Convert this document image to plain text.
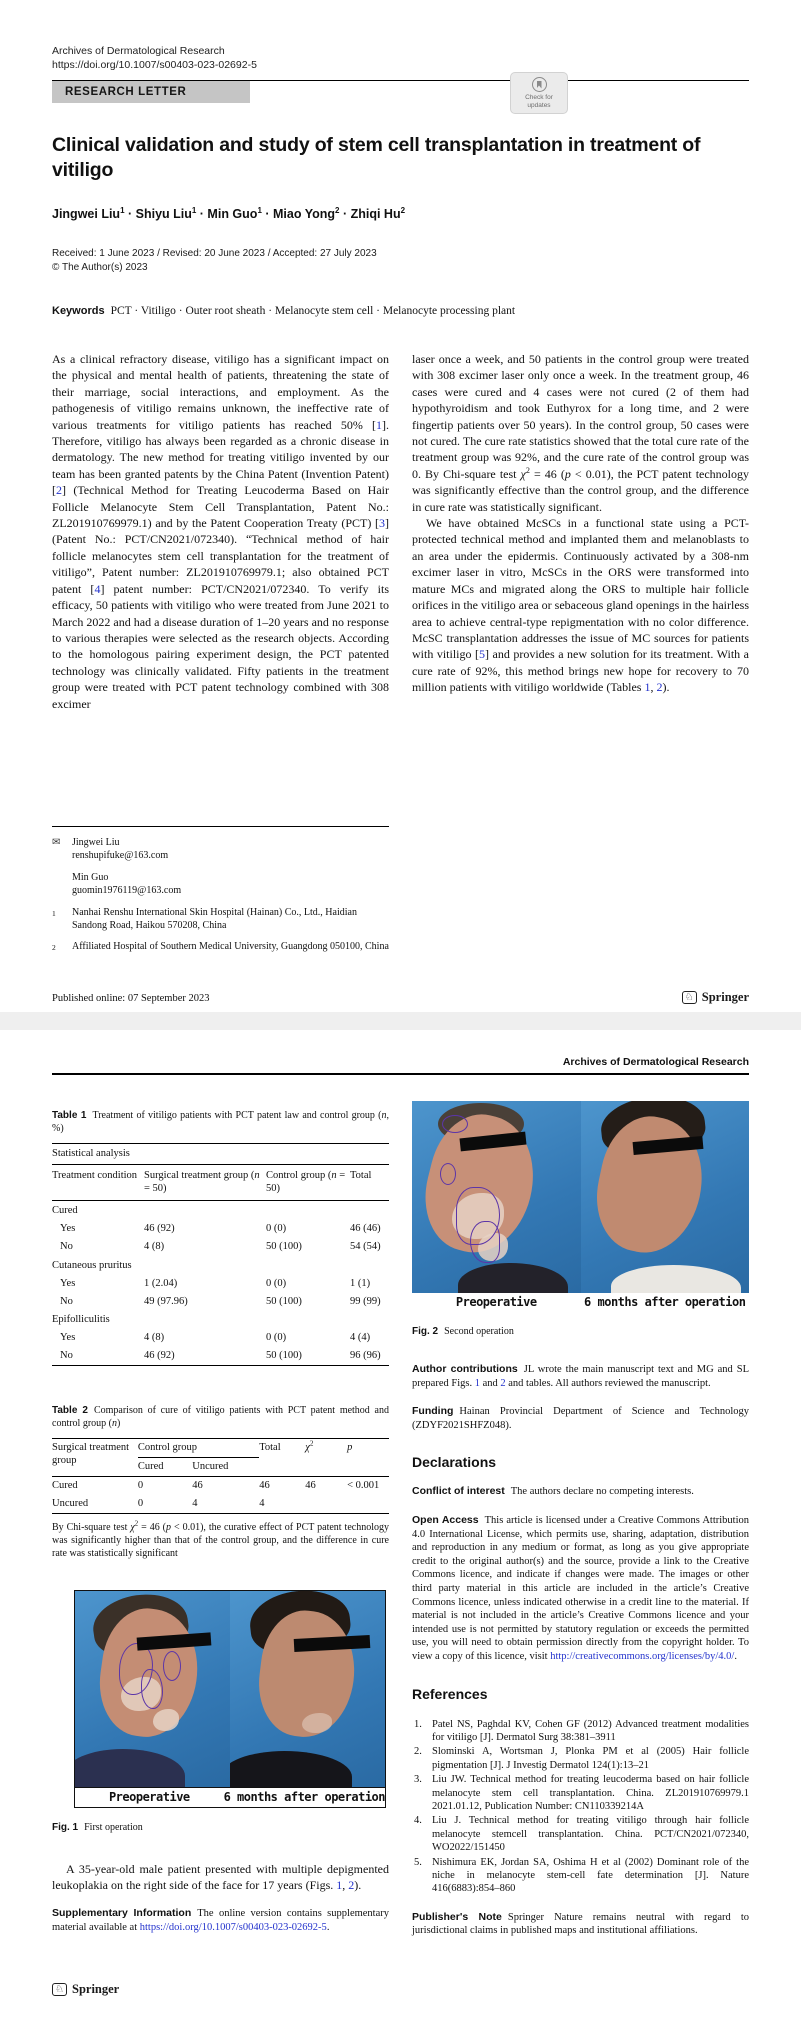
Archives of Dermatological Research
https://doi.org/10.1007/s00403-023-02692-5
RESEARCH LETTER	Check for
updates
Clinical validation and study of stem cell transplantation in treatment of vitiligo
Jingwei Liu$^1$ · Shiyu Liu$^1$ · Min Guo$^1$ · Miao Yong$^2$ · Zhiqi Hu$^2$
Received: 1 June 2023 / Revised: 20 June 2023 / Accepted: 27 July 2023
© The Author(s) 2023
Keywords PCT · Vitiligo · Outer root sheath · Melanocyte stem cell · Melanocyte processing plant

As a clinical refractory disease, vitiligo has a significant impact on the physical and mental health of patients, threatening the state of their marriage, social interactions, and employment. As the pathogenesis of vitiligo remains unknown, the ineffective rate of various treatments for vitiligo patients has reached 50% [1]. Therefore, vitiligo has always been regarded as a chronic disease in dermatology. The new method for treating vitiligo invented by our team has been granted patents by the China Patent (Invention Patent) [2] (Technical Method for Treating Leucoderma Based on Hair Follicle Melanocyte Stem Cell Transplantation, Patent No.: ZL201910769979.1) and by the Patent Cooperation Treaty (PCT) [3] (Patent No.: PCT/CN2021/072340). “Technical method of hair follicle melanocytes stem cell transplantation for the treatment of vitiligo”, Patent number: ZL201910769979.1; also obtained PCT patent [4] patent number: PCT/CN2021/072340. To verify its efficacy, 50 patients with vitiligo who were treated from June 2021 to March 2022 and had a disease duration of 1–20 years and no response to various therapies were selected as the research objects. According to the homologous pairing experiment design, the PCT patented technology was clinically validated. Fifty patients in the treatment group were treated with PCT patent technology combined with 308 excimer

laser once a week, and 50 patients in the control group were treated with 308 excimer laser only once a week. In the treatment group, 46 cases were cured and 4 cases were not cured (2 of them had hypothyroidism and took Euthyrox for a long time, and 2 were fingertip patients over 50 years). In the control group, 50 cases were not cured. The cure rate statistics showed that the total cure rate of the treatment group was 92%, and the cure rate of the control group was 0. By Chi-square test $\chi^2 = 46$ (p < 0.01), the PCT patent technology was significantly effective than the control group, and the difference in cure rate was statistically significant.

We have obtained McSCs in a functional state using a PCT-protected technical method and implanted them and melanoblasts to an area under the epidermis. Continuously activated by a 308-nm excimer laser in vitro, McSCs in the ORS were transformed into mature MCs and migrated along the ORS to multiple hair follicle orifices in the vitiligo area or sebaceous gland openings in the hairless area to achieve central-type repigmentation with no color difference. McSC transplantation addresses the issue of MC sources for patients with vitiligo [5] and provides a new solution for its treatment. With a cure rate of 92%, this method brings new hope for recovery to 70 million patients with vitiligo worldwide (Tables 1, 2).

✉	Jingwei Liu
renshupifuke@163.com
Min Guo
guomin1976119@163.com
1	Nanhai Renshu International Skin Hospital (Hainan) Co., Ltd., Haidian Sandong Road, Haikou 570208, China
2	Affiliated Hospital of Southern Medical University, Guangdong 050100, China
Published online: 07 September 2023	♘ Springer
Archives of Dermatological Research
Table 1 Treatment of vitiligo patients with PCT patent law and control group (n, %)
Statistical analysis			
Treatment condition	Surgical treatment group (n = 50)	Control group (n = 50)	Total
Cured			
Yes	46 (92)	0 (0)	46 (46)
No	4 (8)	50 (100)	54 (54)
Cutaneous pruritus			
Yes	1 (2.04)	0 (0)	1 (1)
No	49 (97.96)	50 (100)	99 (99)
Epifolliculitis			
Yes	4 (8)	0 (0)	4 (4)
No	46 (92)	50 (100)	96 (96)
Table 2 Comparison of cure of vitiligo patients with PCT patent method and control group (n)
Surgical treatment group	Control group		Total	$\chi^2$	p
	Cured	Uncured			
Cured	0	46	46	46	< 0.001
Uncured	0	4	4		
By Chi-square test $\chi^2 = 46$ (p < 0.01), the curative effect of PCT patent technology was significantly higher than that of the control group, and the difference in cure rate was statistically significant
Preoperative	6 months after operation
Fig. 1 First operation

A 35-year-old male patient presented with multiple depigmented leukoplakia on the right side of the face for 17 years (Figs. 1, 2).

Supplementary Information The online version contains supplementary material available at https://doi.org/10.1007/s00403-023-02692-5.
Preoperative	6 months after operation
Fig. 2 Second operation
Author contributions JL wrote the main manuscript text and MG and SL prepared Figs. 1 and 2 and tables. All authors reviewed the manuscript.
Funding Hainan Provincial Department of Science and Technology (ZDYF2021SHFZ048).
Declarations
Conflict of interest The authors declare no competing interests.
Open Access This article is licensed under a Creative Commons Attribution 4.0 International License, which permits use, sharing, adaptation, distribution and reproduction in any medium or format, as long as you give appropriate credit to the original author(s) and the source, provide a link to the Creative Commons licence, and indicate if changes were made. The images or other third party material in this article are included in the article’s Creative Commons licence, unless indicated otherwise in a credit line to the material. If material is not included in the article’s Creative Commons licence and your intended use is not permitted by statutory regulation or exceeds the permitted use, you will need to obtain permission directly from the copyright holder. To view a copy of this licence, visit http://creativecommons.org/licenses/by/4.0/.
References
Patel NS, Paghdal KV, Cohen GF (2012) Advanced treatment modalities for vitiligo [J]. Dermatol Surg 38:381–3911
Slominski A, Wortsman J, Plonka PM et al (2005) Hair follicle pigmentation [J]. J Investig Dermatol 124(1):13–21
Liu JW. Technical method for treating leucoderma based on hair follicle melanocyte stem cell transplantation. China. ZL201910769979.1 2021.01.12, Publication Number: CN110339214A
Liu J. Technical method for treating vitiligo through hair follicle melanocyte stemcell transplantation. China. PCT/CN2021/072340, WO2022/151450
Nishimura EK, Jordan SA, Oshima H et al (2002) Dominant role of the niche in melanocyte stem-cell fate determination [J]. Nature 416(6883):854–860
Publisher's Note Springer Nature remains neutral with regard to jurisdictional claims in published maps and institutional affiliations.
♘ Springer
